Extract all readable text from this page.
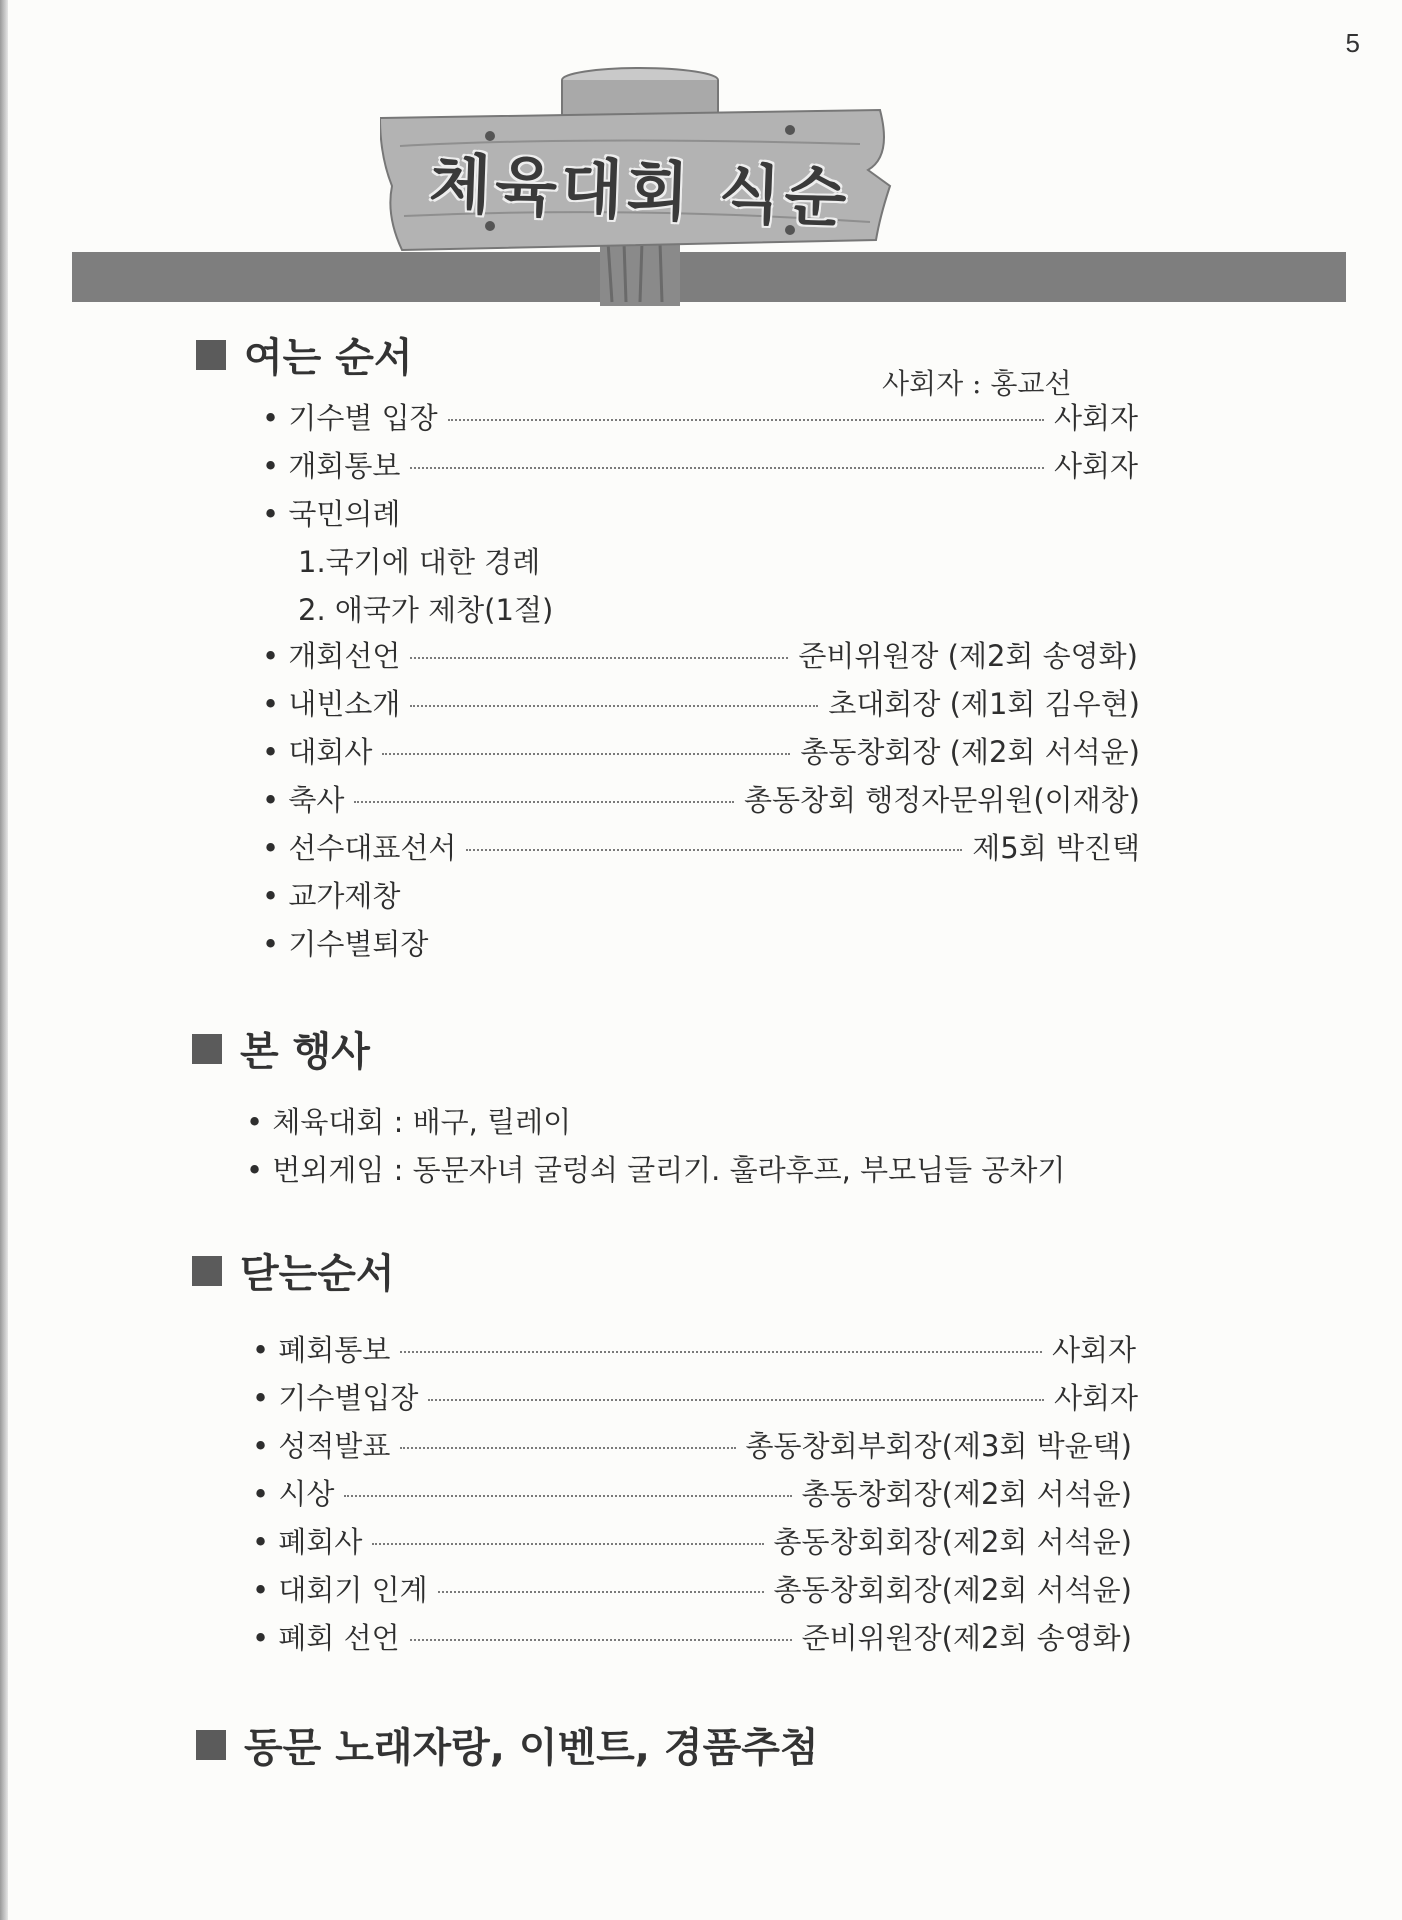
5
체육대회 식순
여는 순서
사회자 : 홍교선
• 기수별 입장	사회자
• 개회통보	사회자
• 국민의례
1.국기에 대한 경례
2. 애국가 제창(1절)
• 개회선언	준비위원장 (제2회 송영화)
• 내빈소개	초대회장 (제1회 김우현)
• 대회사	총동창회장 (제2회 서석윤)
• 축사	총동창회 행정자문위원(이재창)
• 선수대표선서	제5회 박진택
• 교가제창
• 기수별퇴장
본 행사
• 체육대회 : 배구, 릴레이
• 번외게임 : 동문자녀 굴렁쇠 굴리기. 훌라후프, 부모님들 공차기
닫는순서
• 폐회통보	사회자
• 기수별입장	사회자
• 성적발표	총동창회부회장(제3회 박윤택)
• 시상	총동창회장(제2회 서석윤)
• 폐회사	총동창회회장(제2회 서석윤)
• 대회기 인계	총동창회회장(제2회 서석윤)
• 폐회 선언	준비위원장(제2회 송영화)
동문 노래자랑, 이벤트, 경품추첨
